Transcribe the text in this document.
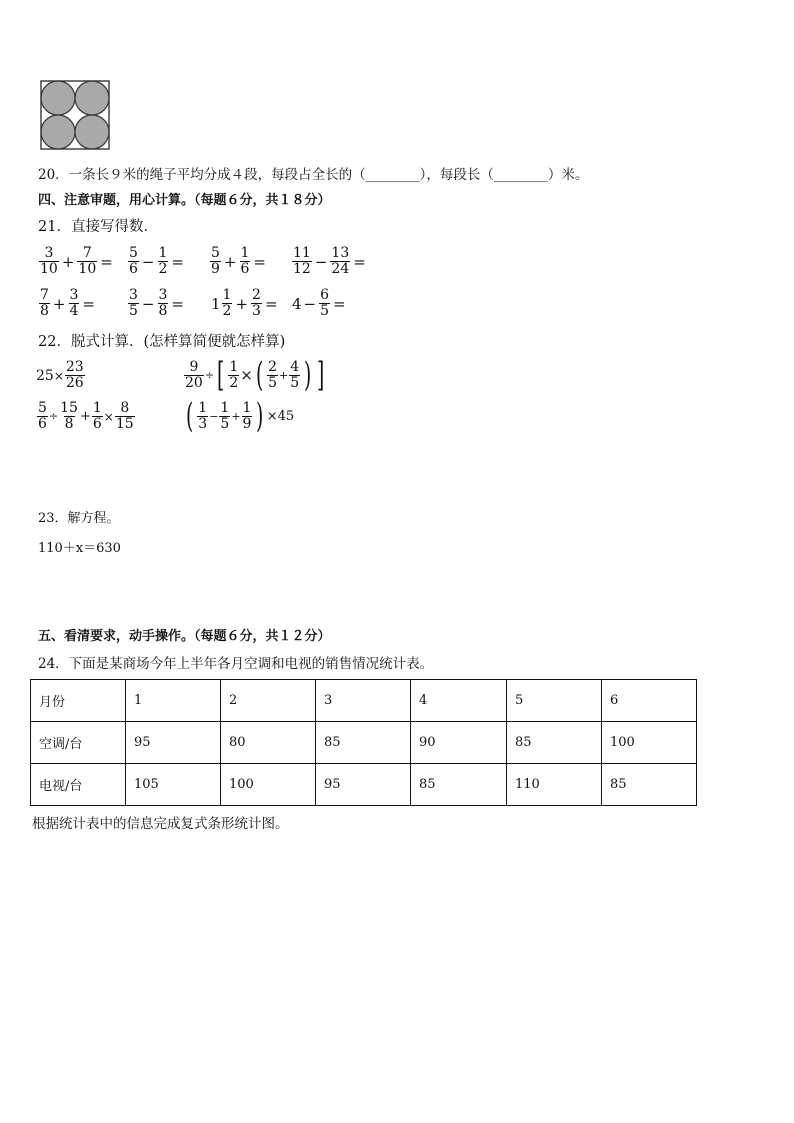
20．一条长９米的绳子平均分成４段，每段占全长的（________），每段长（________）米。
四、注意审题，用心计算。（每题６分，共１８分）
21．直接写得数．
3
$10 + \frac{7}{10} = 5$
$6 - \frac{1}{2} = 5$
$9 + \frac{1}{6} = 11$
$12 - \frac{13}{24}$ =
7
$8 + \frac{3}{4} = 3$
$5 - \frac{3}{8} = 1$ 1
$2 + \frac{2}{3} = 4 - \frac{6}{5}$ =
22．脱式计算．(怎样算简便就怎样算)
$25 \times \frac{23}{26}$	$\frac{9}{20}$ ÷ [ $\frac{1}{2}$ × ( 2
$5 + \frac{4}{5}$ ) ]
$\frac{5}{6} \div \frac{15}{8} + \frac{1}{6} \times \frac{8}{15}$ ( 1
$3 - \frac{1}{5} + \frac{1}{9}$ ) ×45
23．解方程。
110＋x＝630
五、看清要求，动手操作。（每题６分，共１２分）
24．下面是某商场今年上半年各月空调和电视的销售情况统计表。
月份	1	2	3	4	5	6
空调/台	95	80	85	90	85	100
电视/台	105	100	95	85	110	85
根据统计表中的信息完成复式条形统计图。
